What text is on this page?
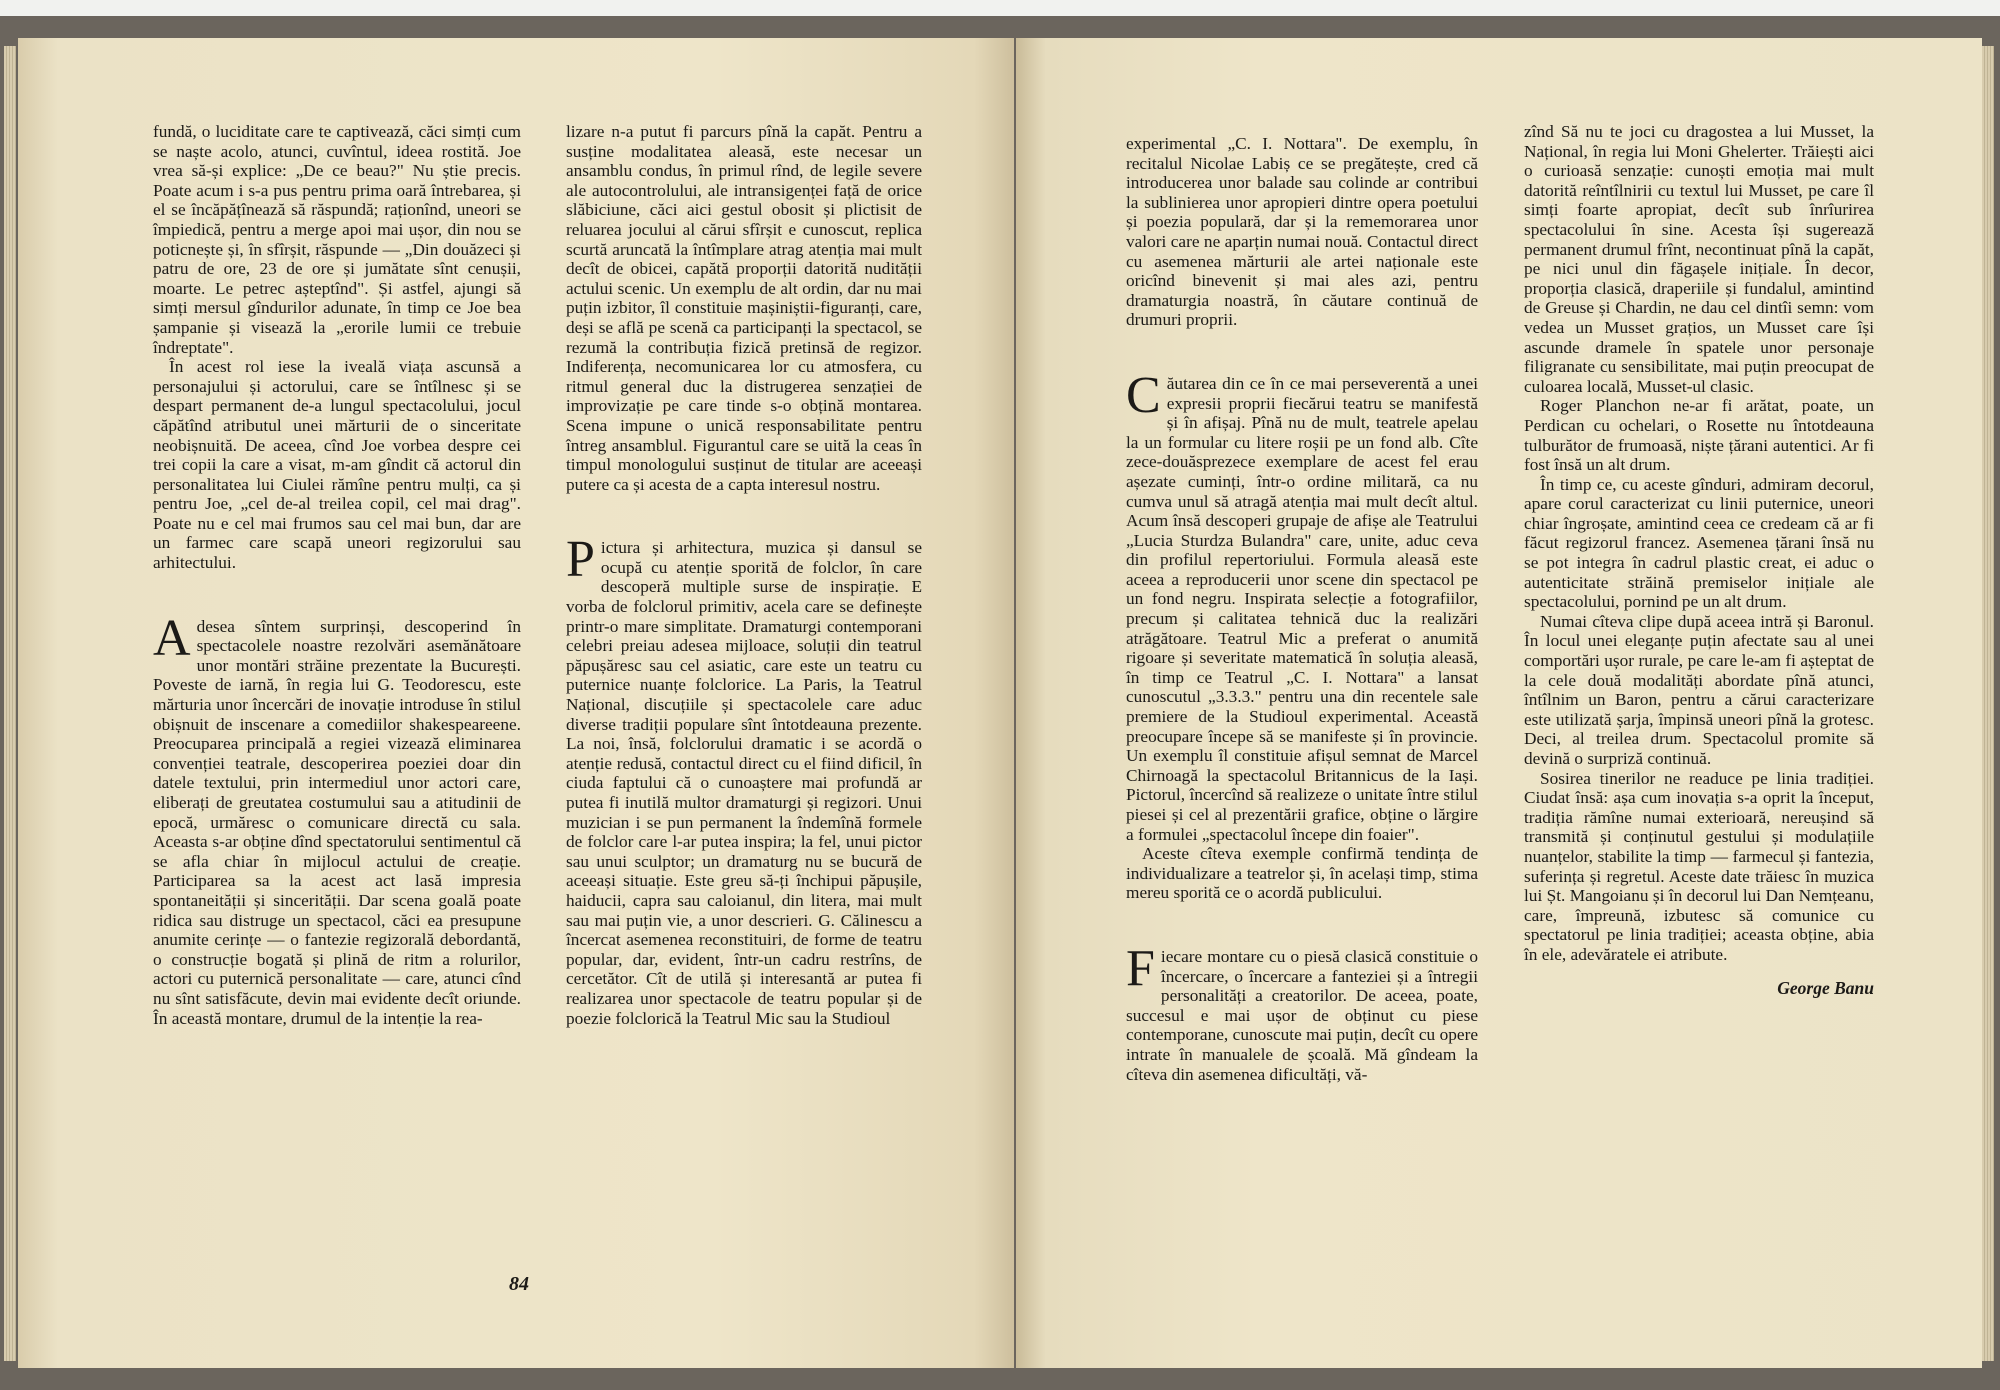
fundă, o luciditate care te captivează, căci simți cum se naște acolo, atunci, cuvîntul, ideea rostită. Joe vrea să-și explice: „De ce beau?" Nu știe precis. Poate acum i s-a pus pentru prima oară întrebarea, și el se încăpățînează să răspundă; raționînd, uneori se împiedică, pentru a merge apoi mai ușor, din nou se poticnește și, în sfîrșit, răspunde — „Din douăzeci și patru de ore, 23 de ore și jumătate sînt cenușii, moarte. Le petrec așteptînd". Și astfel, ajungi să simți mersul gîndurilor adunate, în timp ce Joe bea șampanie și visează la „erorile lumii ce trebuie îndreptate".

În acest rol iese la iveală viața ascunsă a personajului și actorului, care se întîlnesc și se despart permanent de-a lungul spectacolului, jocul căpătînd atributul unei mărturii de o sinceritate neobișnuită. De aceea, cînd Joe vorbea despre cei trei copii la care a visat, m-am gîndit că actorul din personalitatea lui Ciulei rămîne pentru mulți, ca și pentru Joe, „cel de-al treilea copil, cel mai drag". Poate nu e cel mai frumos sau cel mai bun, dar are un farmec care scapă uneori regizorului sau arhitectului.

Adesea sîntem surprinși, descoperind în spectacolele noastre rezolvări asemănătoare unor montări străine prezentate la București. Poveste de iarnă, în regia lui G. Teodorescu, este mărturia unor încercări de inovație introduse în stilul obișnuit de inscenare a comediilor shakespeareene. Preocuparea principală a regiei vizează eliminarea convenției teatrale, descoperirea poeziei doar din datele textului, prin intermediul unor actori care, eliberați de greutatea costumului sau a atitudinii de epocă, urmăresc o comunicare directă cu sala. Aceasta s-ar obține dînd spectatorului sentimentul că se afla chiar în mijlocul actului de creație. Participarea sa la acest act lasă impresia spontaneității și sincerității. Dar scena goală poate ridica sau distruge un spectacol, căci ea presupune anumite cerințe — o fantezie regizorală debordantă, o construcție bogată și plină de ritm a rolurilor, actori cu puternică personalitate — care, atunci cînd nu sînt satisfăcute, devin mai evidente decît oriunde. În această montare, drumul de la intenție la rea-

lizare n-a putut fi parcurs pînă la capăt. Pentru a susține modalitatea aleasă, este necesar un ansamblu condus, în primul rînd, de legile severe ale autocontrolului, ale intransigenței față de orice slăbiciune, căci aici gestul obosit și plictisit de reluarea jocului al cărui sfîrșit e cunoscut, replica scurtă aruncată la întîmplare atrag atenția mai mult decît de obicei, capătă proporții datorită nudității actului scenic. Un exemplu de alt ordin, dar nu mai puțin izbitor, îl constituie mașiniștii-figuranți, care, deși se află pe scenă ca participanți la spectacol, se rezumă la contribuția fizică pretinsă de regizor. Indiferența, necomunicarea lor cu atmosfera, cu ritmul general duc la distrugerea senzației de improvizație pe care tinde s-o obțină montarea. Scena impune o unică responsabilitate pentru întreg ansamblul. Figurantul care se uită la ceas în timpul monologului susținut de titular are aceeași putere ca și acesta de a capta interesul nostru.

Pictura și arhitectura, muzica și dansul se ocupă cu atenție sporită de folclor, în care descoperă multiple surse de inspirație. E vorba de folclorul primitiv, acela care se definește printr-o mare simplitate. Dramaturgi contemporani celebri preiau adesea mijloace, soluții din teatrul păpușăresc sau cel asiatic, care este un teatru cu puternice nuanțe folclorice. La Paris, la Teatrul Național, discuțiile și spectacolele care aduc diverse tradiții populare sînt întotdeauna prezente. La noi, însă, folclorului dramatic i se acordă o atenție redusă, contactul direct cu el fiind dificil, în ciuda faptului că o cunoaștere mai profundă ar putea fi inutilă multor dramaturgi și regizori. Unui muzician i se pun permanent la îndemînă formele de folclor care l-ar putea inspira; la fel, unui pictor sau unui sculptor; un dramaturg nu se bucură de aceeași situație. Este greu să-ți închipui păpușile, haiducii, capra sau caloianul, din litera, mai mult sau mai puțin vie, a unor descrieri. G. Călinescu a încercat asemenea reconstituiri, de forme de teatru popular, dar, evident, într-un cadru restrîns, de cercetător. Cît de utilă și interesantă ar putea fi realizarea unor spectacole de teatru popular și de poezie folclorică la Teatrul Mic sau la Studioul

84

experimental „C. I. Nottara". De exemplu, în recitalul Nicolae Labiș ce se pregătește, cred că introducerea unor balade sau colinde ar contribui la sublinierea unor apropieri dintre opera poetului și poezia populară, dar și la rememorarea unor valori care ne aparțin numai nouă. Contactul direct cu asemenea mărturii ale artei naționale este oricînd binevenit și mai ales azi, pentru dramaturgia noastră, în căutare continuă de drumuri proprii.

Căutarea din ce în ce mai perseverentă a unei expresii proprii fiecărui teatru se manifestă și în afișaj. Pînă nu de mult, teatrele apelau la un formular cu litere roșii pe un fond alb. Cîte zece-douăsprezece exemplare de acest fel erau așezate cuminți, într-o ordine militară, ca nu cumva unul să atragă atenția mai mult decît altul. Acum însă descoperi grupaje de afișe ale Teatrului „Lucia Sturdza Bulandra" care, unite, aduc ceva din profilul repertoriului. Formula aleasă este aceea a reproducerii unor scene din spectacol pe un fond negru. Inspirata selecție a fotografiilor, precum și calitatea tehnică duc la realizări atrăgătoare. Teatrul Mic a preferat o anumită rigoare și severitate matematică în soluția aleasă, în timp ce Teatrul „C. I. Nottara" a lansat cunoscutul „3.3.3." pentru una din recentele sale premiere de la Studioul experimental. Această preocupare începe să se manifeste și în provincie. Un exemplu îl constituie afișul semnat de Marcel Chirnoagă la spectacolul Britannicus de la Iași. Pictorul, încercînd să realizeze o unitate între stilul piesei și cel al prezentării grafice, obține o lărgire a formulei „spectacolul începe din foaier".

Aceste cîteva exemple confirmă tendința de individualizare a teatrelor și, în același timp, stima mereu sporită ce o acordă publicului.

Fiecare montare cu o piesă clasică constituie o încercare, o încercare a fanteziei și a întregii personalități a creatorilor. De aceea, poate, succesul e mai ușor de obținut cu piese contemporane, cunoscute mai puțin, decît cu opere intrate în manualele de școală. Mă gîndeam la cîteva din asemenea dificultăți, vă-

zînd Să nu te joci cu dragostea a lui Musset, la Național, în regia lui Moni Ghelerter. Trăiești aici o curioasă senzație: cunoști emoția mai mult datorită reîntîlnirii cu textul lui Musset, pe care îl simți foarte apropiat, decît sub înrîurirea spectacolului în sine. Acesta își sugerează permanent drumul frînt, necontinuat pînă la capăt, pe nici unul din făgașele inițiale. În decor, proporția clasică, draperiile și fundalul, amintind de Greuse și Chardin, ne dau cel dintîi semn: vom vedea un Musset grațios, un Musset care își ascunde dramele în spatele unor personaje filigranate cu sensibilitate, mai puțin preocupat de culoarea locală, Musset-ul clasic.

Roger Planchon ne-ar fi arătat, poate, un Perdican cu ochelari, o Rosette nu întotdeauna tulburător de frumoasă, niște țărani autentici. Ar fi fost însă un alt drum.

În timp ce, cu aceste gînduri, admiram decorul, apare corul caracterizat cu linii puternice, uneori chiar îngroșate, amintind ceea ce credeam că ar fi făcut regizorul francez. Asemenea țărani însă nu se pot integra în cadrul plastic creat, ei aduc o autenticitate străină premiselor inițiale ale spectacolului, pornind pe un alt drum.

Numai cîteva clipe după aceea intră și Baronul. În locul unei eleganțe puțin afectate sau al unei comportări ușor rurale, pe care le-am fi așteptat de la cele două modalități abordate pînă atunci, întîlnim un Baron, pentru a cărui caracterizare este utilizată șarja, împinsă uneori pînă la grotesc. Deci, al treilea drum. Spectacolul promite să devină o surpriză continuă.

Sosirea tinerilor ne readuce pe linia tradiției. Ciudat însă: așa cum inovația s-a oprit la început, tradiția rămîne numai exterioară, nereușind să transmită și conținutul gestului și modulațiile nuanțelor, stabilite la timp — farmecul și fantezia, suferința și regretul. Aceste date trăiesc în muzica lui Șt. Mangoianu și în decorul lui Dan Nemțeanu, care, împreună, izbutesc să comunice cu spectatorul pe linia tradiției; aceasta obține, abia în ele, adevăratele ei atribute.

George Banu
